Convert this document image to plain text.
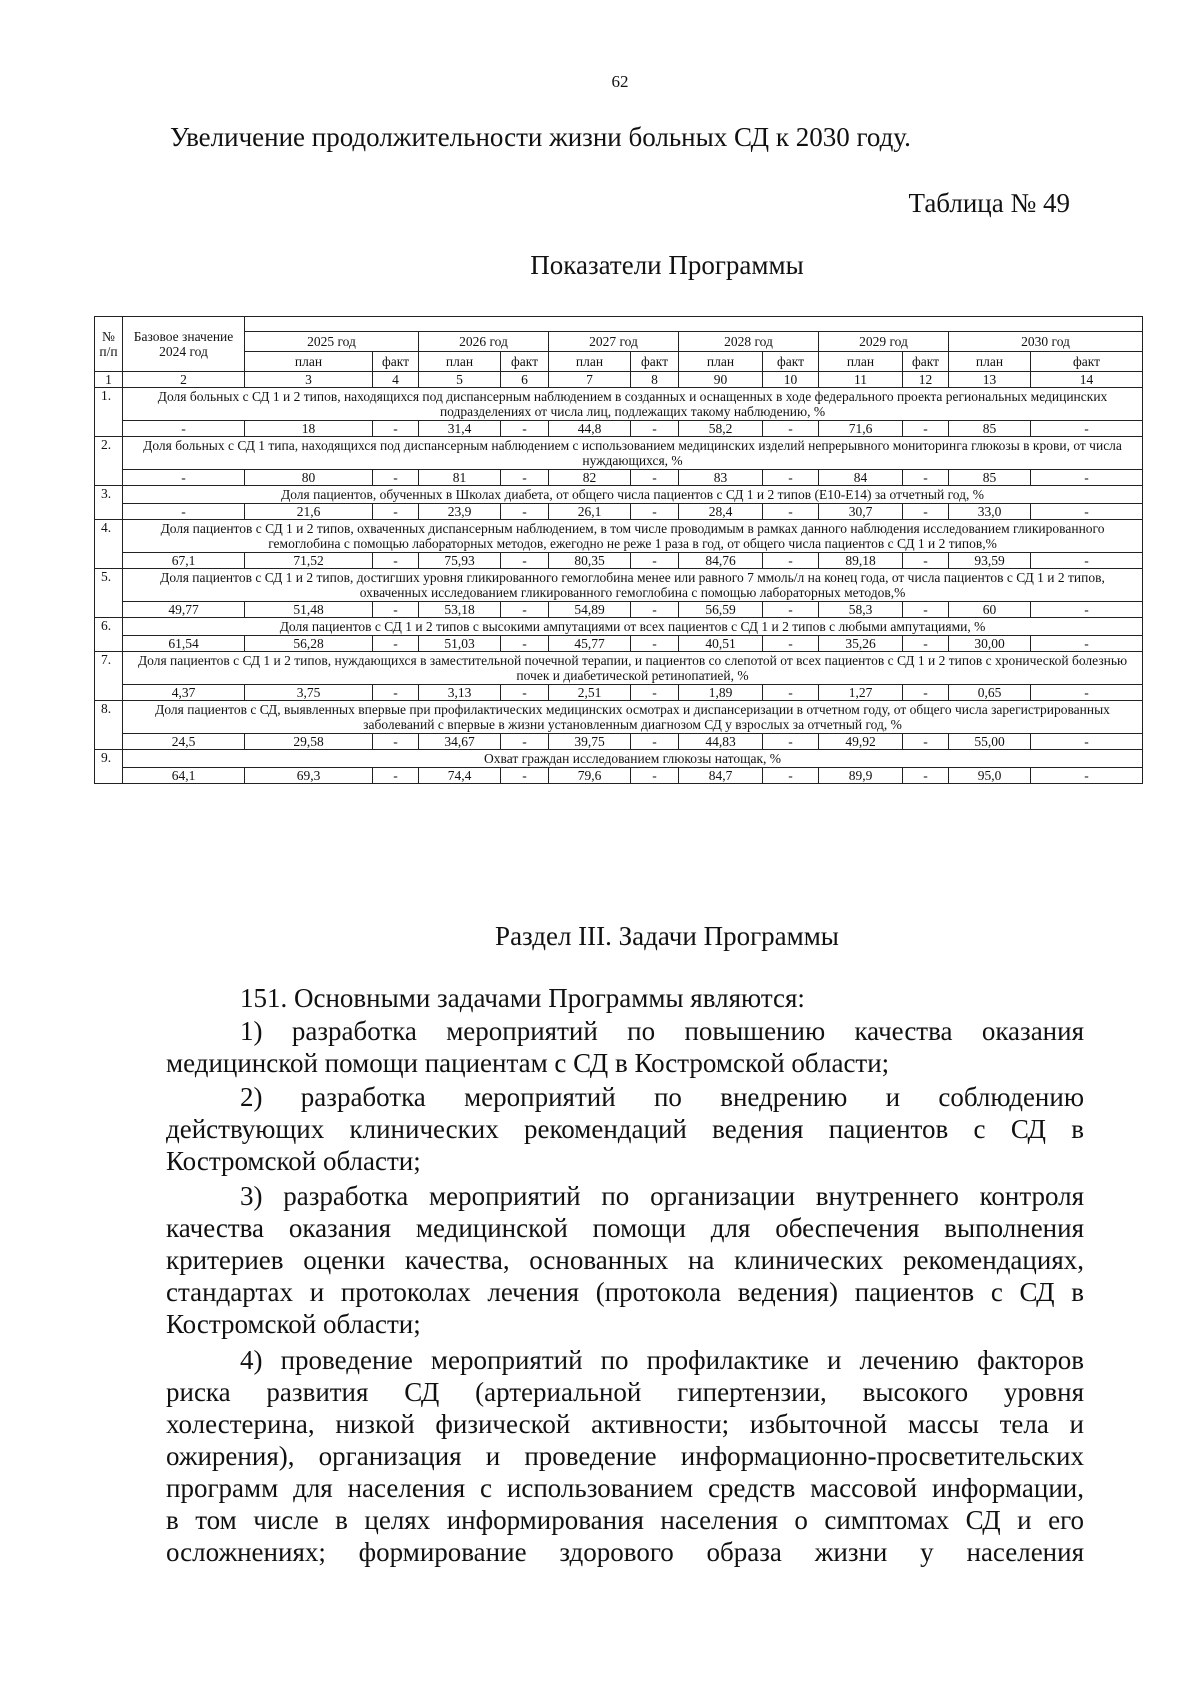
62
Увеличение продолжительности жизни больных СД к 2030 году.
Таблица № 49
Показатели Программы
№ п/п	Базовое значение 2024 год												
		2025 год		2026 год		2027 год		2028 год		2029 год		2030 год	
		план	факт	план	факт	план	факт	план	факт	план	факт	план	факт
1	2	3	4	5	6	7	8	90	10	11	12	13	14
1.	Доля больных с СД 1 и 2 типов, находящихся под диспансерным наблюдением в созданных и оснащенных в ходе федерального проекта региональных медицинских подразделениях от числа лиц, подлежащих такому наблюдению, %												
	-	18	-	31,4	-	44,8	-	58,2	-	71,6	-	85	-
2.	Доля больных с СД 1 типа, находящихся под диспансерным наблюдением с использованием медицинских изделий непрерывного мониторинга глюкозы в крови, от числа нуждающихся, %												
	-	80	-	81	-	82	-	83	-	84	-	85	-
3.	Доля пациентов, обученных в Школах диабета, от общего числа пациентов с СД 1 и 2 типов (Е10-Е14) за отчетный год, %												
	-	21,6	-	23,9	-	26,1	-	28,4	-	30,7	-	33,0	-
4.	Доля пациентов с СД 1 и 2 типов, охваченных диспансерным наблюдением, в том числе проводимым в рамках данного наблюдения исследованием гликированного гемоглобина с помощью лабораторных методов, ежегодно не реже 1 раза в год, от общего числа пациентов с СД 1 и 2 типов,%												
	67,1	71,52	-	75,93	-	80,35	-	84,76	-	89,18	-	93,59	-
5.	Доля пациентов с СД 1 и 2 типов, достигших уровня гликированного гемоглобина менее или равного 7 ммоль/л на конец года, от числа пациентов с СД 1 и 2 типов, охваченных исследованием гликированного гемоглобина с помощью лабораторных методов,%												
	49,77	51,48	-	53,18	-	54,89	-	56,59	-	58,3	-	60	-
6.	Доля пациентов с СД 1 и 2 типов с высокими ампутациями от всех пациентов с СД 1 и 2 типов с любыми ампутациями, %												
	61,54	56,28	-	51,03	-	45,77	-	40,51	-	35,26	-	30,00	-
7.	Доля пациентов с СД 1 и 2 типов, нуждающихся в заместительной почечной терапии, и пациентов со слепотой от всех пациентов с СД 1 и 2 типов с хронической болезнью почек и диабетической ретинопатией, %												
	4,37	3,75	-	3,13	-	2,51	-	1,89	-	1,27	-	0,65	-
8.	Доля пациентов с СД, выявленных впервые при профилактических медицинских осмотрах и диспансеризации в отчетном году, от общего числа зарегистрированных заболеваний с впервые в жизни установленным диагнозом СД у взрослых за отчетный год, %												
	24,5	29,58	-	34,67	-	39,75	-	44,83	-	49,92	-	55,00	-
9.	Охват граждан исследованием глюкозы натощак, %												
	64,1	69,3	-	74,4	-	79,6	-	84,7	-	89,9	-	95,0	-
Раздел III. Задачи Программы
151. Основными задачами Программы являются:
1) разработка мероприятий по повышению качества оказания
медицинской помощи пациентам с СД в Костромской области;
2) разработка мероприятий по внедрению и соблюдению
действующих клинических рекомендаций ведения пациентов с СД в
Костромской области;
3) разработка мероприятий по организации внутреннего контроля
качества оказания медицинской помощи для обеспечения выполнения
критериев оценки качества, основанных на клинических рекомендациях,
стандартах и протоколах лечения (протокола ведения) пациентов с СД в
Костромской области;
4) проведение мероприятий по профилактике и лечению факторов
риска развития СД (артериальной гипертензии, высокого уровня
холестерина, низкой физической активности; избыточной массы тела и
ожирения), организация и проведение информационно-просветительских
программ для населения с использованием средств массовой информации,
в том числе в целях информирования населения о симптомах СД и его
осложнениях; формирование здорового образа жизни у населения
